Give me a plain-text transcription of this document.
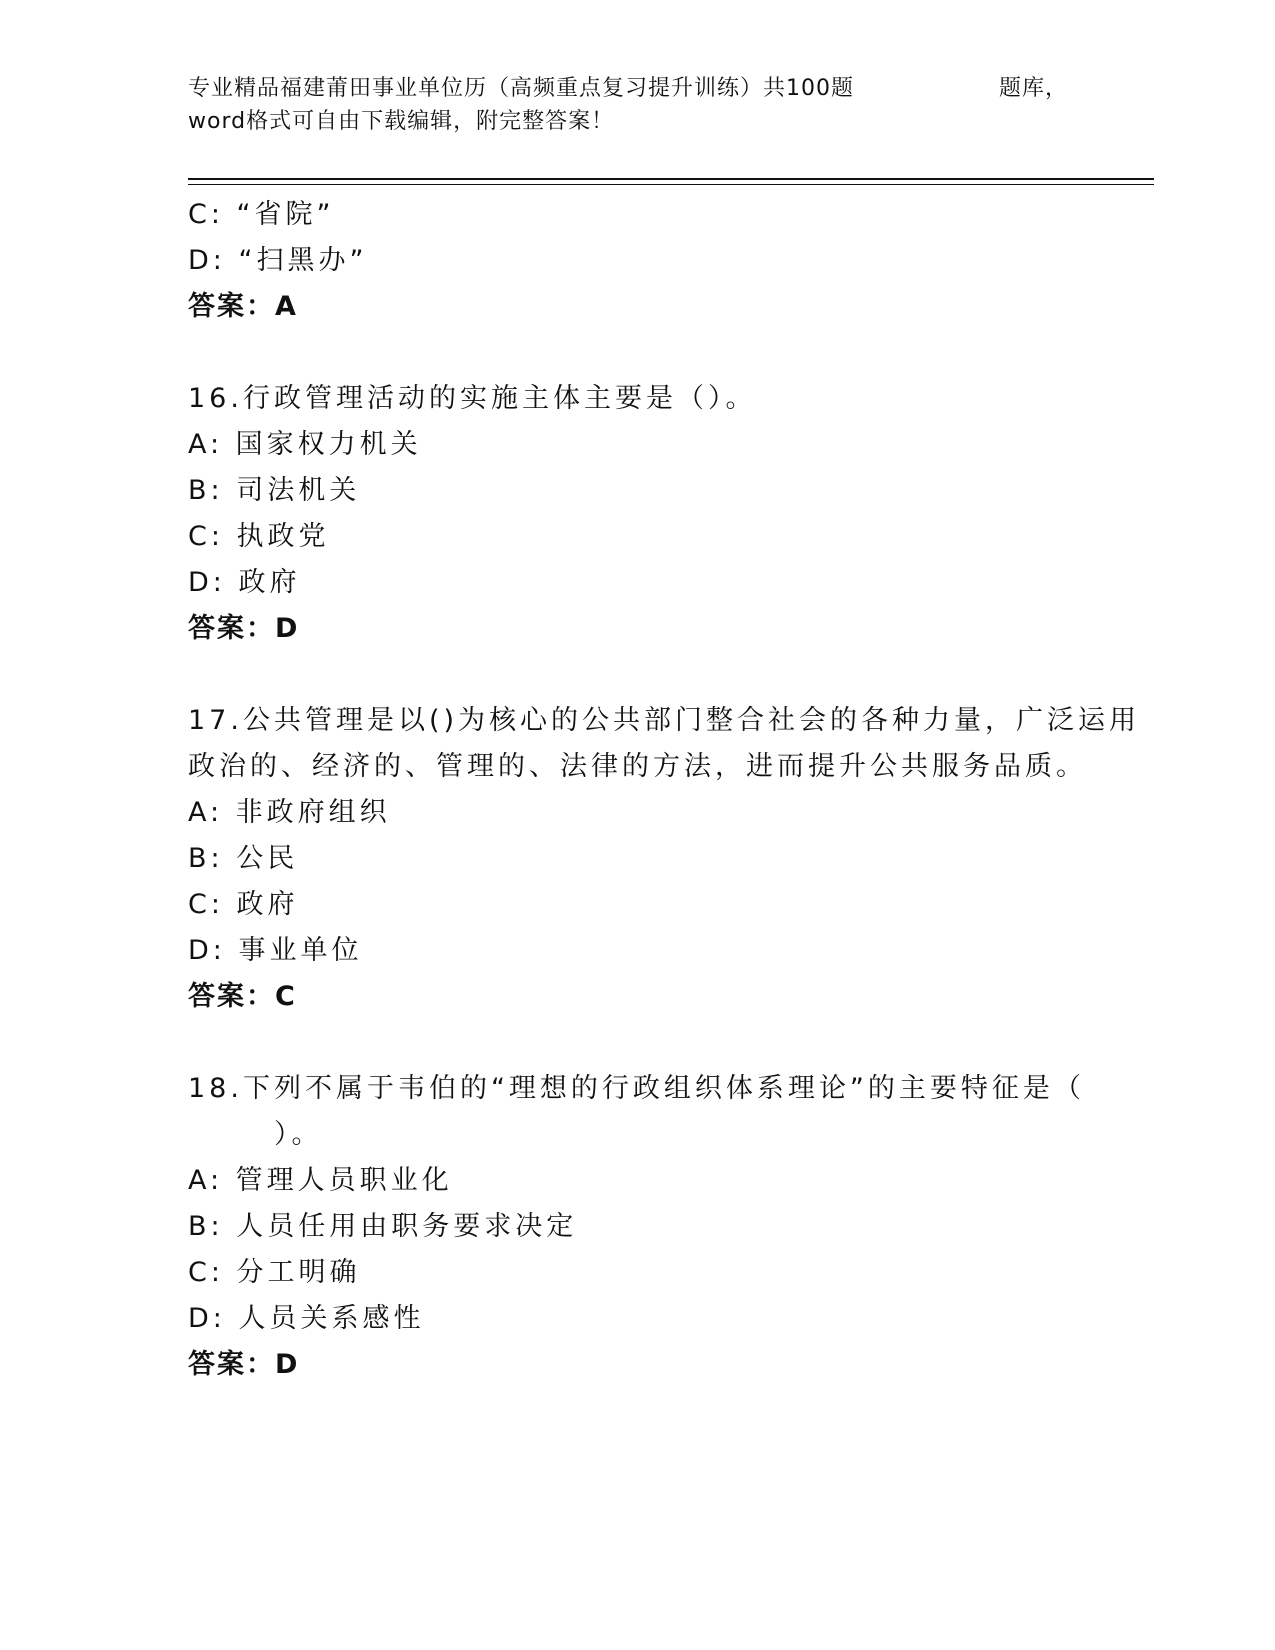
专业精品福建莆田事业单位历（高频重点复习提升训练）共100题	题库，
word格式可自由下载编辑，附完整答案！
C: “省院”
D: “扫黑办”
答案：A
16.行政管理活动的实施主体主要是（）。
A: 国家权力机关
B: 司法机关
C: 执政党
D: 政府
答案：D
17.公共管理是以()为核心的公共部门整合社会的各种力量，广泛运用
政治的、经济的、管理的、法律的方法，进而提升公共服务品质。
A: 非政府组织
B: 公民
C: 政府
D: 事业单位
答案：C
18.下列不属于韦伯的“理想的行政组织体系理论”的主要特征是（
）。
A: 管理人员职业化
B: 人员任用由职务要求决定
C: 分工明确
D: 人员关系感性
答案：D
